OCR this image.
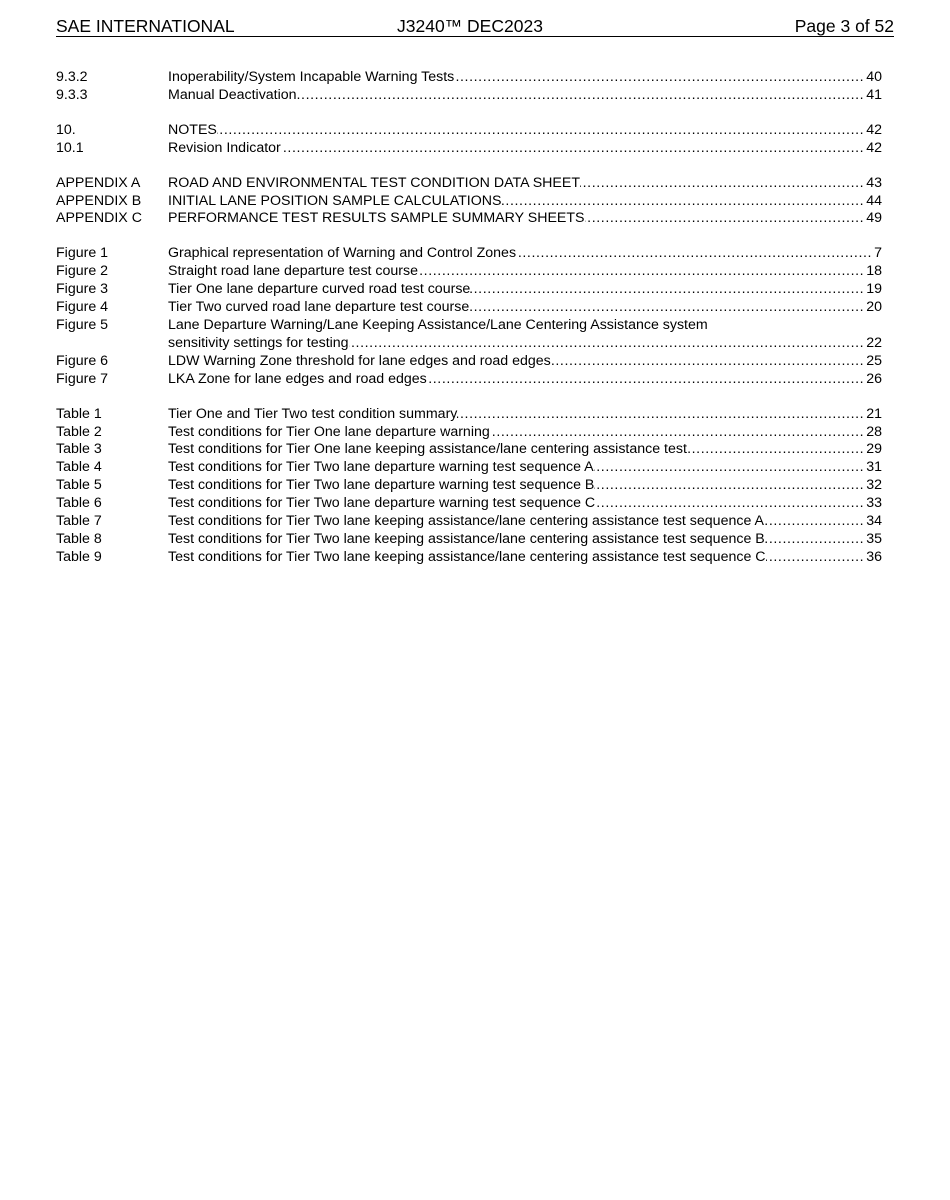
SAE INTERNATIONAL	J3240™ DEC2023	Page 3 of 52
9.3.2	Inoperability/System Incapable Warning Tests .....	40
9.3.3	Manual Deactivation .....	41
10.	NOTES .....	42
10.1	Revision Indicator .....	42
APPENDIX A	ROAD AND ENVIRONMENTAL TEST CONDITION DATA SHEET .....	43
APPENDIX B	INITIAL LANE POSITION SAMPLE CALCULATIONS .....	44
APPENDIX C	PERFORMANCE TEST RESULTS SAMPLE SUMMARY SHEETS .....	49
Figure 1	Graphical representation of Warning and Control Zones .....	7
Figure 2	Straight road lane departure test course .....	18
Figure 3	Tier One lane departure curved road test course .....	19
Figure 4	Tier Two curved road lane departure test course .....	20
Figure 5	Lane Departure Warning/Lane Keeping Assistance/Lane Centering Assistance system
sensitivity settings for testing .....	22
Figure 6	LDW Warning Zone threshold for lane edges and road edges .....	25
Figure 7	LKA Zone for lane edges and road edges .....	26
Table 1	Tier One and Tier Two test condition summary .....	21
Table 2	Test conditions for Tier One lane departure warning .....	28
Table 3	Test conditions for Tier One lane keeping assistance/lane centering assistance test .....	29
Table 4	Test conditions for Tier Two lane departure warning test sequence A .....	31
Table 5	Test conditions for Tier Two lane departure warning test sequence B .....	32
Table 6	Test conditions for Tier Two lane departure warning test sequence C .....	33
Table 7	Test conditions for Tier Two lane keeping assistance/lane centering assistance test sequence A .....	34
Table 8	Test conditions for Tier Two lane keeping assistance/lane centering assistance test sequence B .....	35
Table 9	Test conditions for Tier Two lane keeping assistance/lane centering assistance test sequence C .....	36
